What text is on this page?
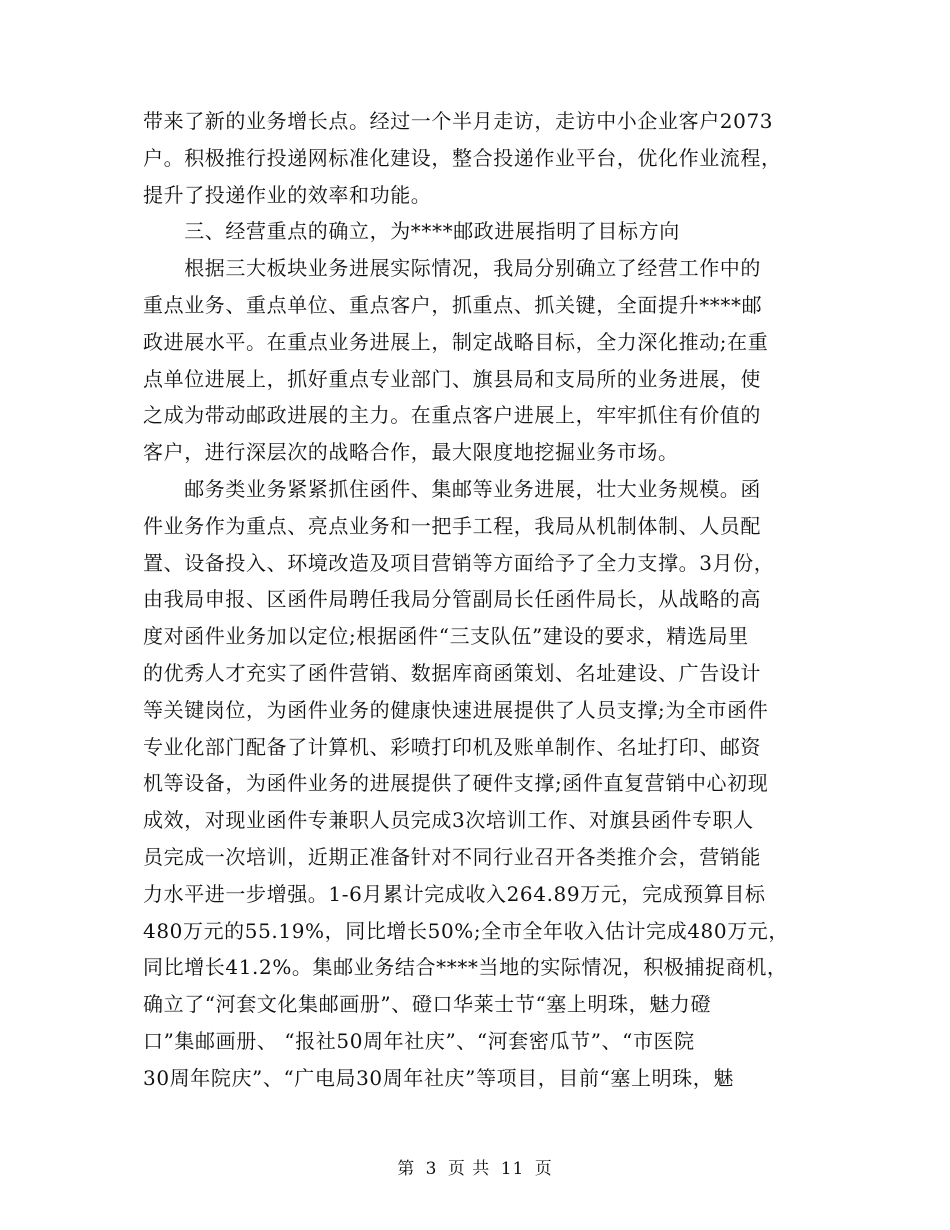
带来了新的业务增长点。经过一个半月走访，走访中小企业客户2073
户。积极推行投递网标准化建设，整合投递作业平台，优化作业流程，
提升了投递作业的效率和功能。
　　三、经营重点的确立，为****邮政进展指明了目标方向
　　根据三大板块业务进展实际情况，我局分别确立了经营工作中的
重点业务、重点单位、重点客户，抓重点、抓关键，全面提升****邮
政进展水平。在重点业务进展上，制定战略目标，全力深化推动;在重
点单位进展上，抓好重点专业部门、旗县局和支局所的业务进展，使
之成为带动邮政进展的主力。在重点客户进展上，牢牢抓住有价值的
客户，进行深层次的战略合作，最大限度地挖掘业务市场。
　　邮务类业务紧紧抓住函件、集邮等业务进展，壮大业务规模。函
件业务作为重点、亮点业务和一把手工程，我局从机制体制、人员配
置、设备投入、环境改造及项目营销等方面给予了全力支撑。3月份，
由我局申报、区函件局聘任我局分管副局长任函件局长，从战略的高
度对函件业务加以定位;根据函件“三支队伍”建设的要求，精选局里
的优秀人才充实了函件营销、数据库商函策划、名址建设、广告设计
等关键岗位，为函件业务的健康快速进展提供了人员支撑;为全市函件
专业化部门配备了计算机、彩喷打印机及账单制作、名址打印、邮资
机等设备，为函件业务的进展提供了硬件支撑;函件直复营销中心初现
成效，对现业函件专兼职人员完成3次培训工作、对旗县函件专职人
员完成一次培训，近期正准备针对不同行业召开各类推介会，营销能
力水平进一步增强。1-6月累计完成收入264.89万元，完成预算目标
480万元的55.19%，同比增长50%;全市全年收入估计完成480万元，
同比增长41.2%。集邮业务结合****当地的实际情况，积极捕捉商机，
确立了“河套文化集邮画册”、磴口华莱士节“塞上明珠，魅力磴
口”集邮画册、 “报社50周年社庆”、“河套密瓜节”、“市医院
30周年院庆”、“广电局30周年社庆”等项目，目前“塞上明珠，魅
第 3 页 共 11 页
